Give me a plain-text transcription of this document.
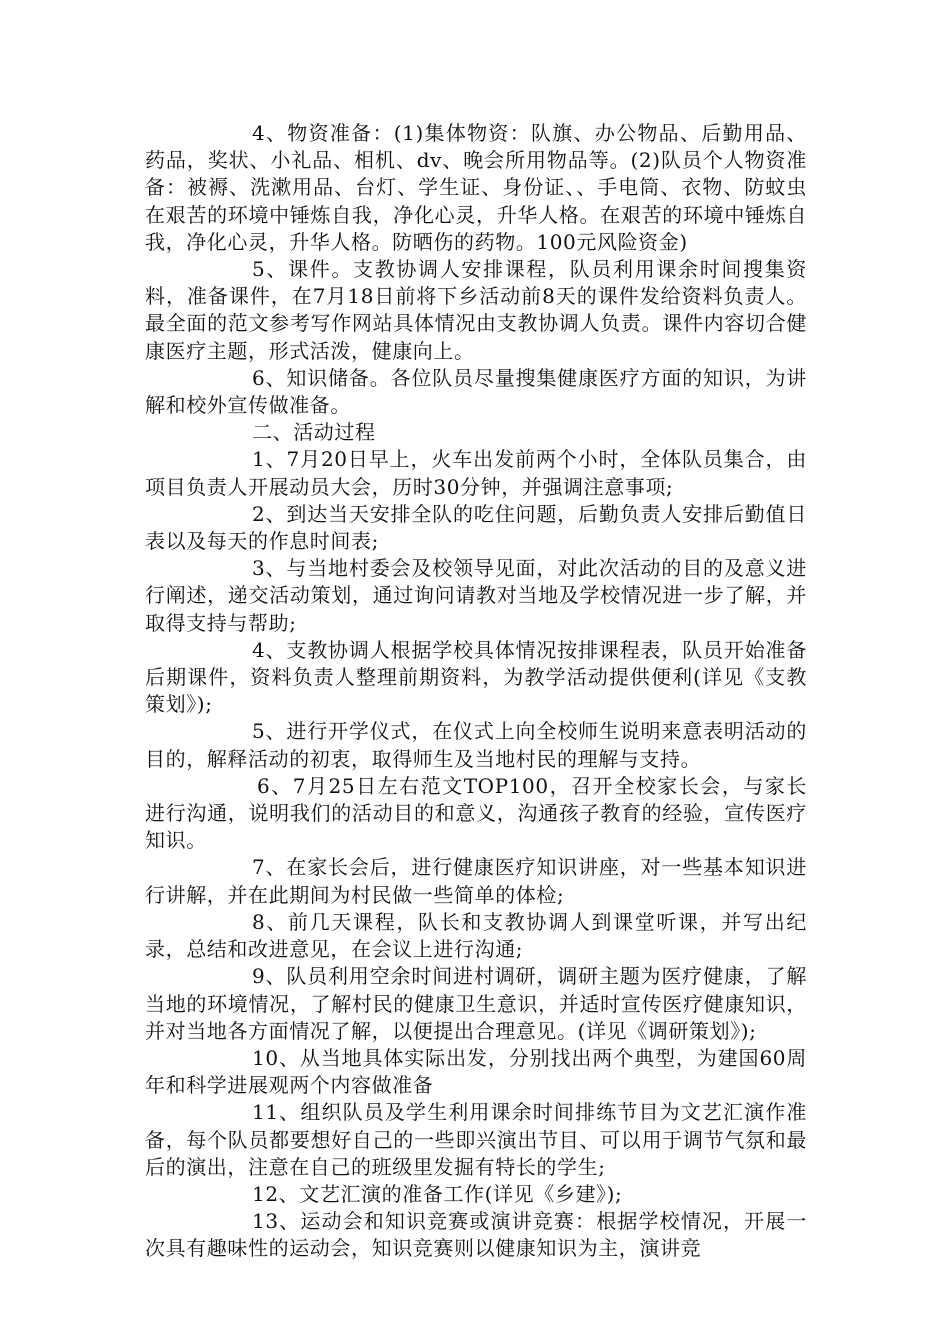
4、物资准备：(1)集体物资：队旗、办公物品、后勤用品、药品，奖状、小礼品、相机、dv、晚会所用物品等。(2)队员个人物资准备：被褥、洗漱用品、台灯、学生证、身份证、、手电筒、衣物、防蚊虫在艰苦的环境中锤炼自我，净化心灵，升华人格。在艰苦的环境中锤炼自我，净化心灵，升华人格。防晒伤的药物。100元风险资金)

5、课件。支教协调人安排课程，队员利用课余时间搜集资料，准备课件，在7月18日前将下乡活动前8天的课件发给资料负责人。最全面的范文参考写作网站具体情况由支教协调人负责。课件内容切合健康医疗主题，形式活泼，健康向上。

6、知识储备。各位队员尽量搜集健康医疗方面的知识，为讲解和校外宣传做准备。

二、活动过程

1、7月20日早上，火车出发前两个小时，全体队员集合，由项目负责人开展动员大会，历时30分钟，并强调注意事项;

2、到达当天安排全队的吃住问题，后勤负责人安排后勤值日表以及每天的作息时间表;

3、与当地村委会及校领导见面，对此次活动的目的及意义进行阐述，递交活动策划，通过询问请教对当地及学校情况进一步了解，并取得支持与帮助;

4、支教协调人根据学校具体情况按排课程表，队员开始准备后期课件，资料负责人整理前期资料，为教学活动提供便利(详见《支教策划》);

5、进行开学仪式，在仪式上向全校师生说明来意表明活动的目的，解释活动的初衷，取得师生及当地村民的理解与支持。

6、7月25日左右范文TOP100，召开全校家长会，与家长进行沟通，说明我们的活动目的和意义，沟通孩子教育的经验，宣传医疗知识。

7、在家长会后，进行健康医疗知识讲座，对一些基本知识进行讲解，并在此期间为村民做一些简单的体检;

8、前几天课程，队长和支教协调人到课堂听课，并写出纪录，总结和改进意见，在会议上进行沟通;

9、队员利用空余时间进村调研，调研主题为医疗健康，了解当地的环境情况，了解村民的健康卫生意识，并适时宣传医疗健康知识，并对当地各方面情况了解，以便提出合理意见。(详见《调研策划》);

10、从当地具体实际出发，分别找出两个典型，为建国60周年和科学进展观两个内容做准备

11、组织队员及学生利用课余时间排练节目为文艺汇演作准备，每个队员都要想好自己的一些即兴演出节目、可以用于调节气氛和最后的演出，注意在自己的班级里发掘有特长的学生;

12、文艺汇演的准备工作(详见《乡建》);

13、运动会和知识竞赛或演讲竞赛：根据学校情况，开展一次具有趣味性的运动会，知识竞赛则以健康知识为主，演讲竞
